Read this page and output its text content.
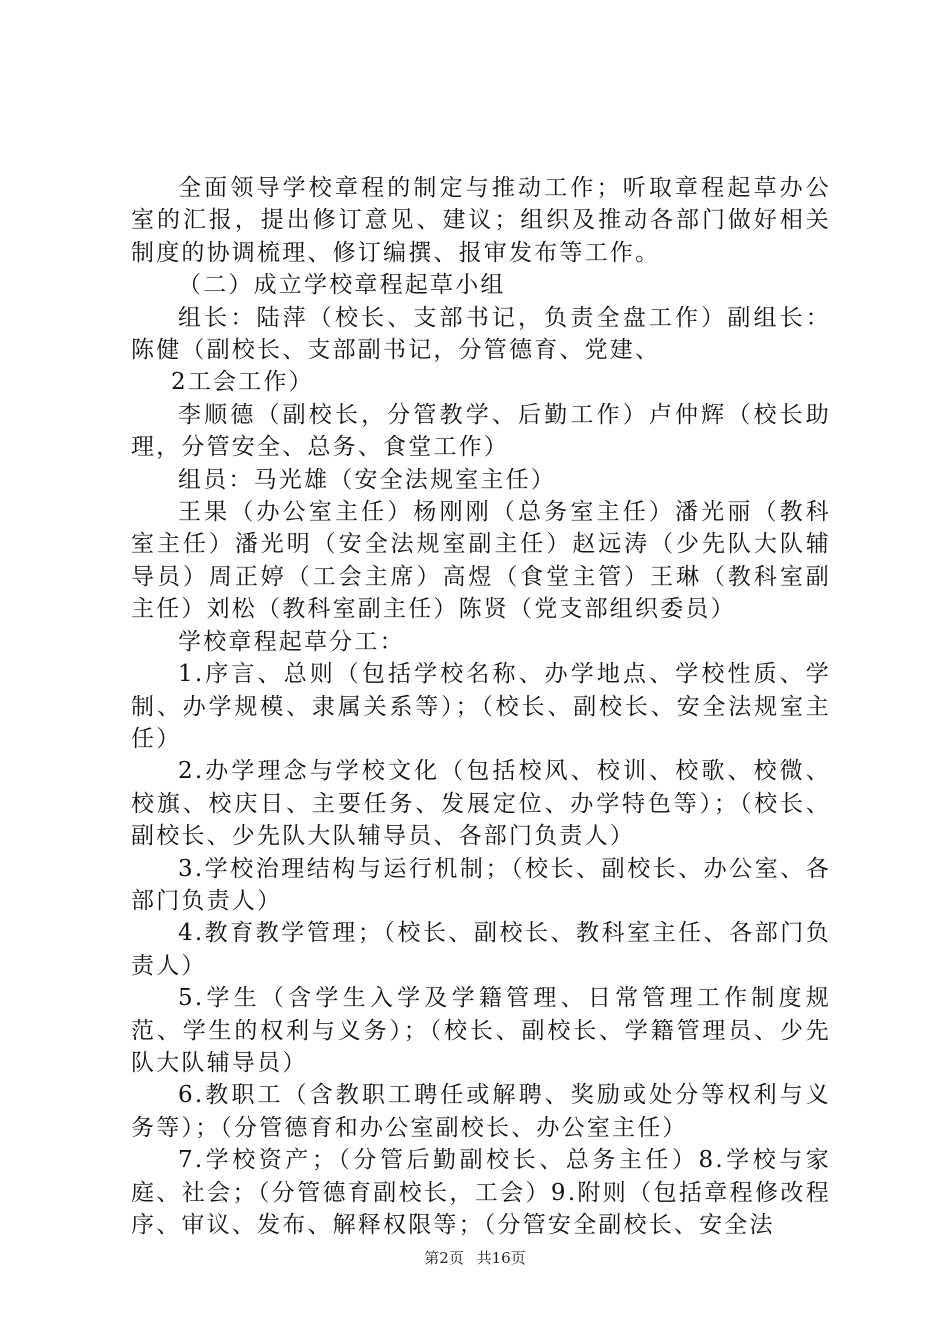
全面领导学校章程的制定与推动工作；听取章程起草办公室的汇报，提出修订意见、建议；组织及推动各部门做好相关制度的协调梳理、修订编撰、报审发布等工作。

（二）成立学校章程起草小组

组长：陆萍（校长、支部书记，负责全盘工作）副组长：陈健（副校长、支部副书记，分管德育、党建、

2工会工作）

李顺德（副校长，分管教学、后勤工作）卢仲辉（校长助理，分管安全、总务、食堂工作）

组员：马光雄（安全法规室主任）

王果（办公室主任）杨刚刚（总务室主任）潘光丽（教科室主任）潘光明（安全法规室副主任）赵远涛（少先队大队辅导员）周正婷（工会主席）高煜（食堂主管）王琳（教科室副主任）刘松（教科室副主任）陈贤（党支部组织委员）

学校章程起草分工：

1.序言、总则（包括学校名称、办学地点、学校性质、学制、办学规模、隶属关系等）；（校长、副校长、安全法规室主任）

2.办学理念与学校文化（包括校风、校训、校歌、校微、校旗、校庆日、主要任务、发展定位、办学特色等）；（校长、副校长、少先队大队辅导员、各部门负责人）

3.学校治理结构与运行机制；（校长、副校长、办公室、各部门负责人）

4.教育教学管理；（校长、副校长、教科室主任、各部门负责人）

5.学生（含学生入学及学籍管理、日常管理工作制度规范、学生的权利与义务）；（校长、副校长、学籍管理员、少先队大队辅导员）

6.教职工（含教职工聘任或解聘、奖励或处分等权利与义务等）；（分管德育和办公室副校长、办公室主任）

7.学校资产；（分管后勤副校长、总务主任）8.学校与家庭、社会；（分管德育副校长，工会）9.附则（包括章程修改程序、审议、发布、解释权限等；（分管安全副校长、安全法

第2页 共16页
